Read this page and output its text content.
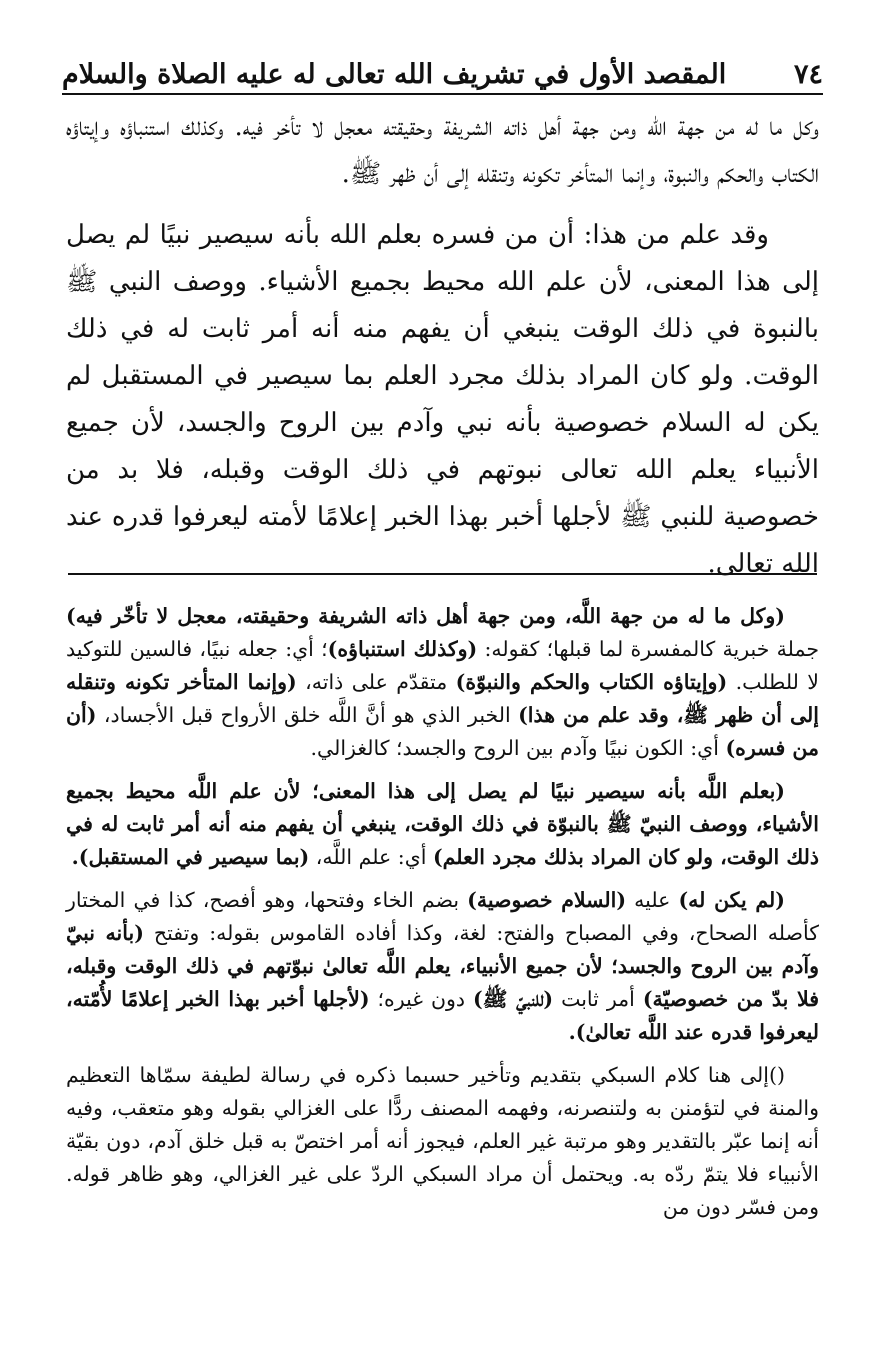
٧٤
المقصد الأول في تشريف الله تعالى له عليه الصلاة والسلام

وكل ما له من جهة الله ومن جهة أهل ذاته الشريفة وحقيقته معجل لا تأخر فيه. وكذلك استنباؤه وإيتاؤه الكتاب والحكم والنبوة، وإنما المتأخر تكونه وتنقله إلى أن ظهر ﷺ.

وقد علم من هذا: أن من فسره بعلم الله بأنه سيصير نبيًا لم يصل إلى هذا المعنى، لأن علم الله محيط بجميع الأشياء. ووصف النبي ﷺ بالنبوة في ذلك الوقت ينبغي أن يفهم منه أنه أمر ثابت له في ذلك الوقت. ولو كان المراد بذلك مجرد العلم بما سيصير في المستقبل لم يكن له السلام خصوصية بأنه نبي وآدم بين الروح والجسد، لأن جميع الأنبياء يعلم الله تعالى نبوتهم في ذلك الوقت وقبله، فلا بد من خصوصية للنبي ﷺ لأجلها أخبر بهذا الخبر إعلامًا لأمته ليعرفوا قدره عند الله تعالى.

(وكل ما له من جهة اللَّه، ومن جهة أهل ذاته الشريفة وحقيقته، معجل لا تأخّر فيه) جملة خبرية كالمفسرة لما قبلها؛ كقوله: (وكذلك استنباؤه)؛ أي: جعله نبيًا، فالسين للتوكيد لا للطلب. (وإيتاؤه الكتاب والحكم والنبوّة) متقدّم على ذاته، (وإنما المتأخر تكونه وتنقله إلى أن ظهر ﷺ، وقد علم من هذا) الخبر الذي هو أنَّ اللَّه خلق الأرواح قبل الأجساد، (أن من فسره) أي: الكون نبيًا وآدم بين الروح والجسد؛ كالغزالي.

(بعلم اللَّه بأنه سيصير نبيًا لم يصل إلى هذا المعنى؛ لأن علم اللَّه محيط بجميع الأشياء، ووصف النبيّ ﷺ بالنبوّة في ذلك الوقت، ينبغي أن يفهم منه أنه أمر ثابت له في ذلك الوقت، ولو كان المراد بذلك مجرد العلم) أي: علم اللَّه، (بما سيصير في المستقبل).

(لم يكن له) عليه (السلام خصوصية) بضم الخاء وفتحها، وهو أفصح، كذا في المختار كأصله الصحاح، وفي المصباح والفتح: لغة، وكذا أفاده القاموس بقوله: وتفتح (بأنه نبيّ وآدم بين الروح والجسد؛ لأن جميع الأنبياء، يعلم اللَّه تعالىٰ نبوّتهم في ذلك الوقت وقبله، فلا بدّ من خصوصيّة) أمر ثابت (للنبيّ ﷺ) دون غيره؛ (لأجلها أخبر بهذا الخبر إعلامًا لأُمّته، ليعرفوا قدره عند اللَّه تعالىٰ).

()إلى هنا كلام السبكي بتقديم وتأخير حسبما ذكره في رسالة لطيفة سمّاها التعظيم والمنة في لتؤمنن به ولتنصرنه، وفهمه المصنف ردًّا على الغزالي بقوله وهو متعقب، وفيه أنه إنما عبّر بالتقدير وهو مرتبة غير العلم، فيجوز أنه أمر اختصّ به قبل خلق آدم، دون بقيّة الأنبياء فلا يتمّ ردّه به. ويحتمل أن مراد السبكي الردّ على غير الغزالي، وهو ظاهر قوله. ومن فسّر دون من
